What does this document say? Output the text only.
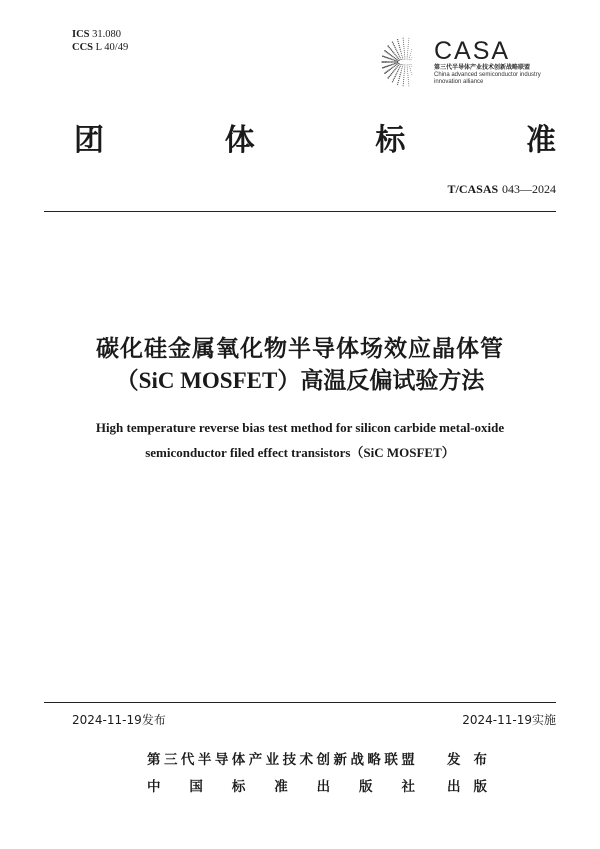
ICS 31.080
CCS L 40/49	CASA
第三代半导体产业技术创新战略联盟
China advanced semiconductor industry
innovation alliance
团	体	标	准
T/CASAS 043—2024
碳化硅金属氧化物半导体场效应晶体管
（SiC MOSFET）高温反偏试验方法
High temperature reverse bias test method for silicon carbide metal-oxide
semiconductor filed effect transistors（SiC MOSFET）
2024-11-19发布	2024-11-19实施
第 三 代 半 导 体 产 业 技 术 创 新 战 略 联 盟 发 布
中 国 标 准 出 版 社 出 版
